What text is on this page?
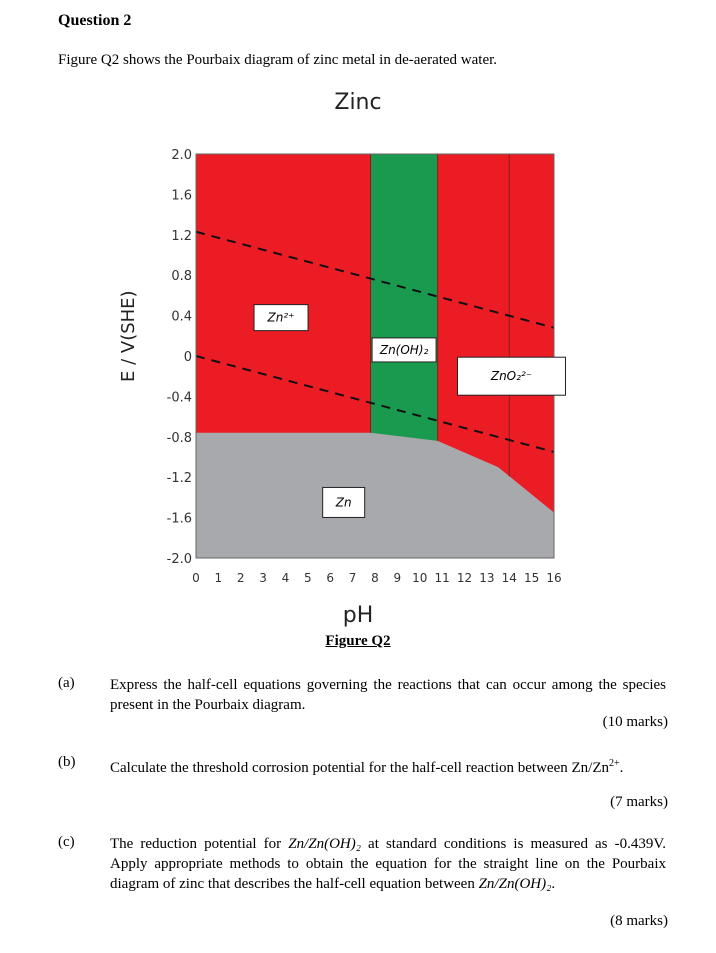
Question 2
Figure Q2 shows the Pourbaix diagram of zinc metal in de-aerated water.
Zinc
E / V(SHE)	Zn²⁺
Zn(OH)₂
ZnO₂²⁻
Zn
2.0
1.6
1.2
0.8
0.4
0
-0.4
-0.8
-1.2
-1.6
-2.0
0 1 2 3 4 5 6 7 8 9 10 11 12 13 14 15 16
pH
Figure Q2
(a) Express the half-cell equations governing the reactions that can occur among the species present in the Pourbaix diagram.
(10 marks)
(b) Calculate the threshold corrosion potential for the half-cell reaction between $Zn/Zn^{2+}$.
(7 marks)
(c) The reduction potential for Zn/Zn(OH)₂ at standard conditions is measured as -0.439V. Apply appropriate methods to obtain the equation for the straight line on the Pourbaix diagram of zinc that describes the half-cell equation between Zn/Zn(OH)₂.
(8 marks)
